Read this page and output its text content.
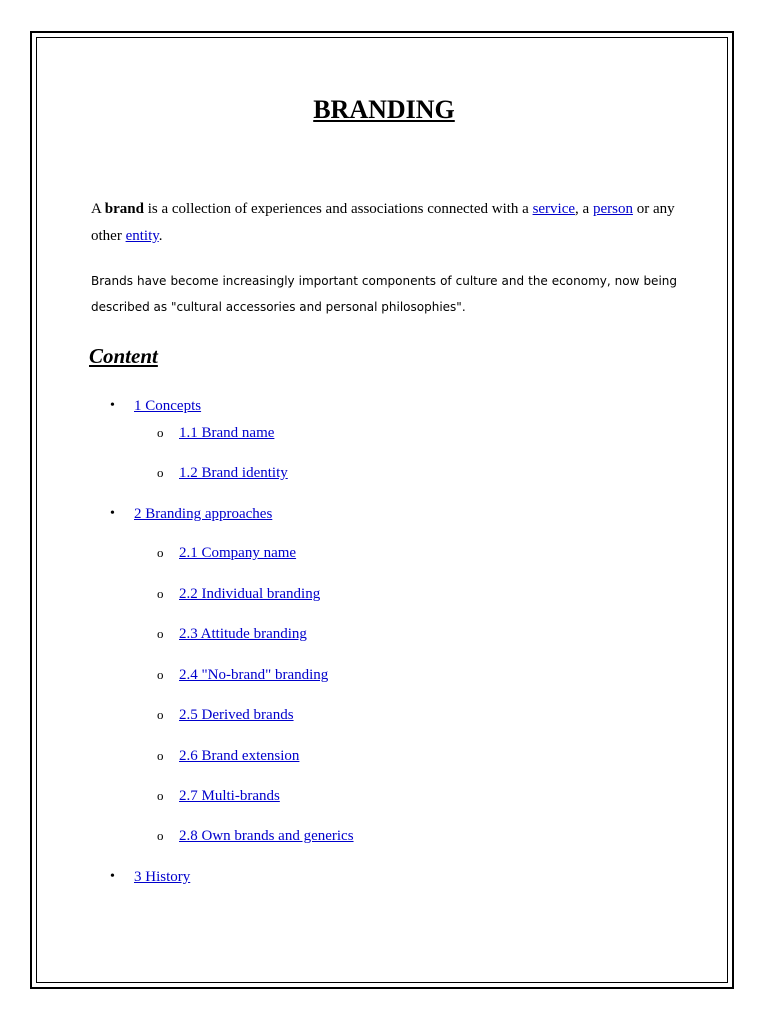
BRANDING

A brand is a collection of experiences and associations connected with a service, a person or any other entity.

Brands have become increasingly important components of culture and the economy, now being described as "cultural accessories and personal philosophies".

Content
• 1 Concepts
o 1.1 Brand name
o 1.2 Brand identity
• 2 Branding approaches
o 2.1 Company name
o 2.2 Individual branding
o 2.3 Attitude branding
o 2.4 "No-brand" branding
o 2.5 Derived brands
o 2.6 Brand extension
o 2.7 Multi-brands
o 2.8 Own brands and generics
• 3 History
